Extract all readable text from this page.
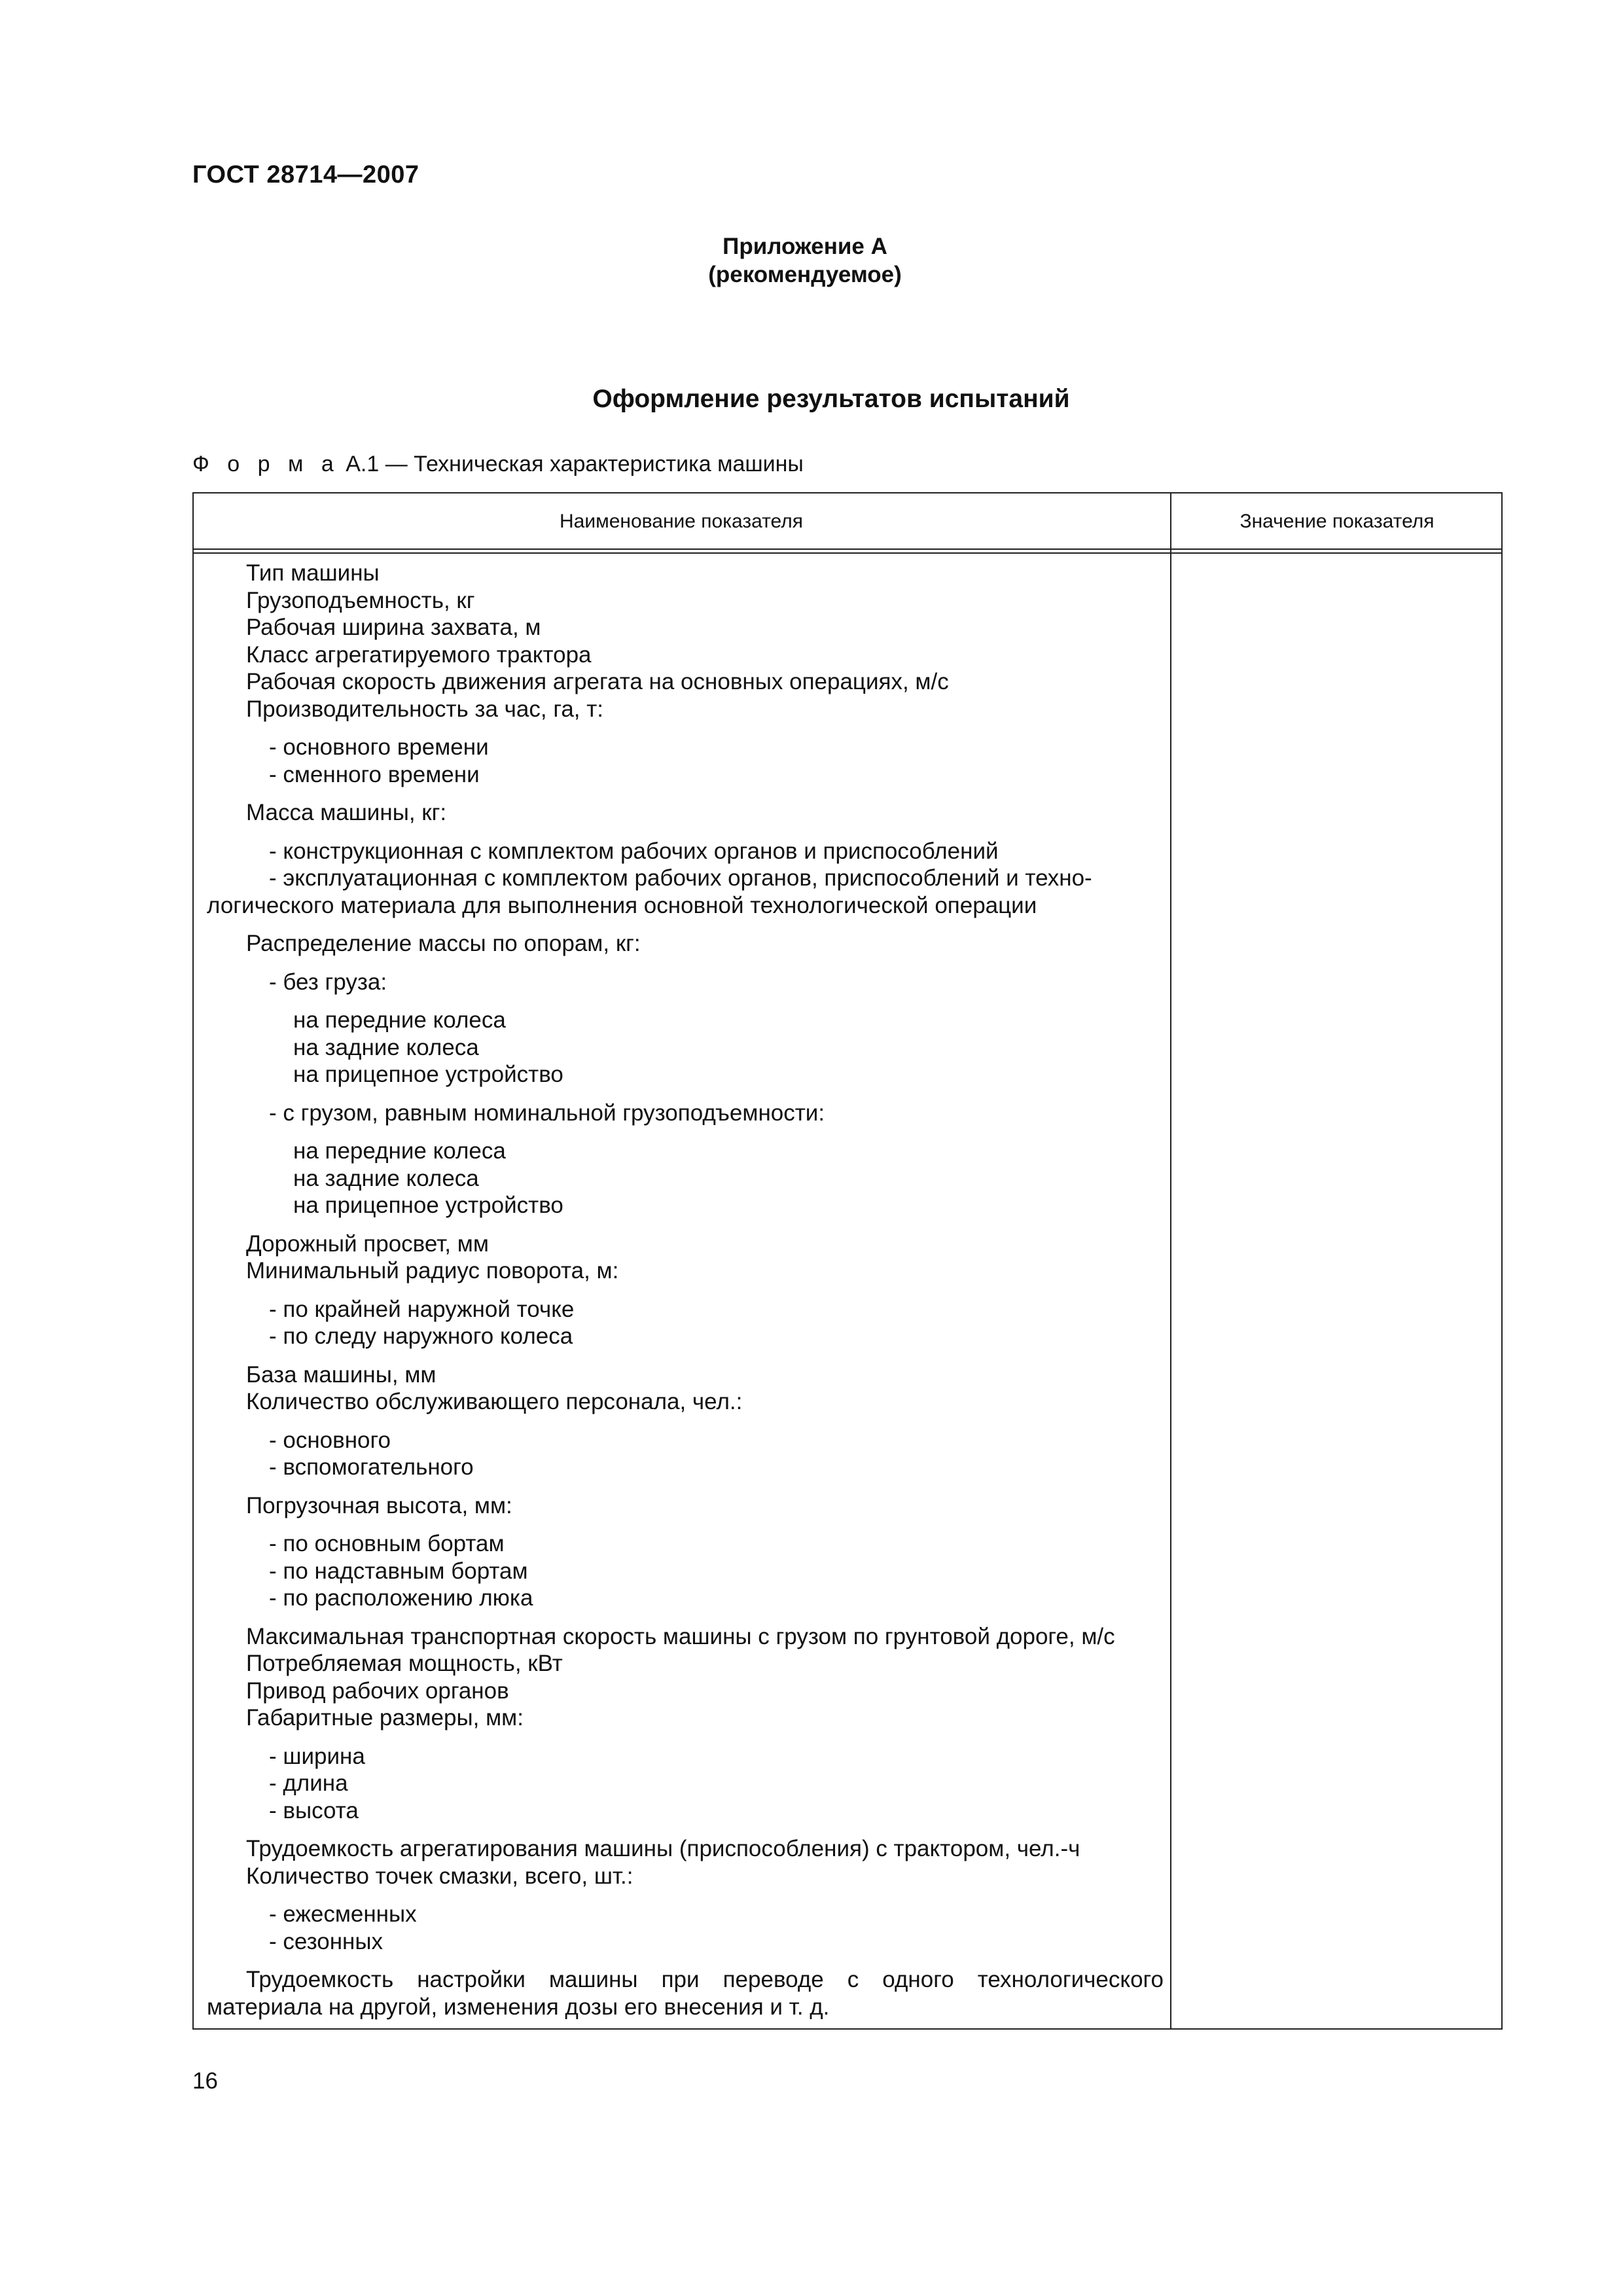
ГОСТ 28714—2007
Приложение А
(рекомендуемое)
Оформление результатов испытаний
Ф о р м а А.1 — Техническая характеристика машины
Наименование показателя	Значение показателя
Тип машины
Грузоподъемность, кг
Рабочая ширина захвата, м
Класс агрегатируемого трактора
Рабочая скорость движения агрегата на основных операциях, м/с
Производительность за час, га, т:
- основного времени
- сменного времени
Масса машины, кг:
- конструкционная с комплектом рабочих органов и приспособлений
- эксплуатационная с комплектом рабочих органов, приспособлений и техно-
логического материала для выполнения основной технологической операции
Распределение массы по опорам, кг:
- без груза:
на передние колеса
на задние колеса
на прицепное устройство
- с грузом, равным номинальной грузоподъемности:
на передние колеса
на задние колеса
на прицепное устройство
Дорожный просвет, мм
Минимальный радиус поворота, м:
- по крайней наружной точке
- по следу наружного колеса
База машины, мм
Количество обслуживающего персонала, чел.:
- основного
- вспомогательного
Погрузочная высота, мм:
- по основным бортам
- по надставным бортам
- по расположению люка
Максимальная транспортная скорость машины с грузом по грунтовой дороге, м/с
Потребляемая мощность, кВт
Привод рабочих органов
Габаритные размеры, мм:
- ширина
- длина
- высота
Трудоемкость агрегатирования машины (приспособления) с трактором, чел.-ч
Количество точек смазки, всего, шт.:
- ежесменных
- сезонных
Трудоемкость настройки машины при переводе с одного технологического
материала на другой, изменения дозы его внесения и т. д.
16
